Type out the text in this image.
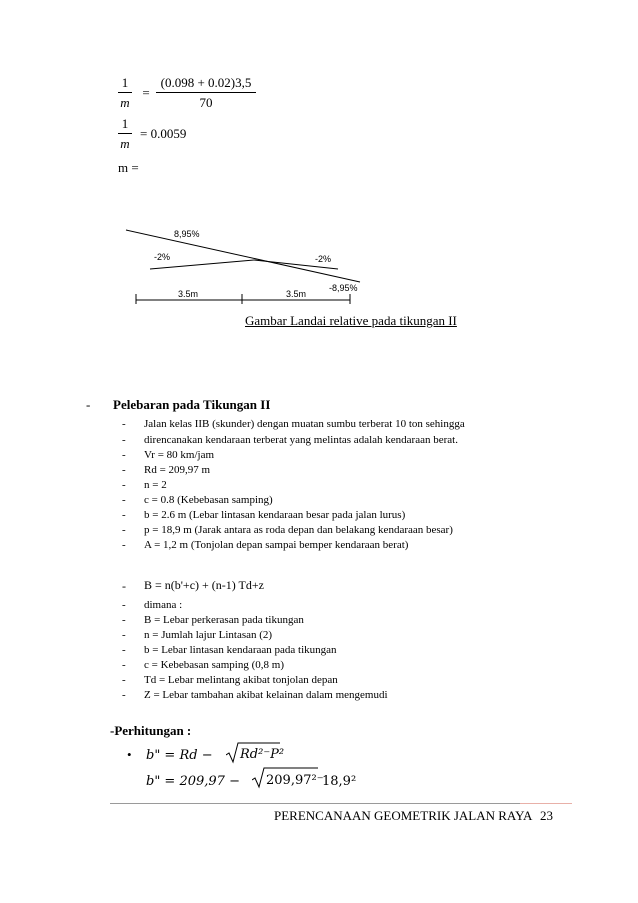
1
m
=
(0.098 + 0.02)3,5
70
1
m
= 0.0059
m =
8,95%
-2%	-2%
-8,95%
3.5m	3.5m
Gambar Landai relative pada tikungan II
- Pelebaran pada Tikungan II
- Jalan kelas IIB (skunder) dengan muatan sumbu terberat 10 ton sehingga
- direncanakan kendaraan terberat yang melintas adalah kendaraan berat.
- Vr = 80 km/jam
- Rd = 209,97 m
- n = 2
- c = 0.8 (Kebebasan samping)
- b = 2.6 m (Lebar lintasan kendaraan besar pada jalan lurus)
- p = 18,9 m (Jarak antara as roda depan dan belakang kendaraan besar)
- A = 1,2 m (Tonjolan depan sampai bemper kendaraan berat)
- B = n(b'+c) + (n-1) Td+z
- dimana :
- B = Lebar perkerasan pada tikungan
- n = Jumlah lajur Lintasan (2)
- b = Lebar lintasan kendaraan pada tikungan
- c = Kebebasan samping (0,8 m)
- Td = Lebar melintang akibat tonjolan depan
- Z = Lebar tambahan akibat kelainan dalam mengemudi
-Perhitungan :
• b" = Rd − Rd²⁻P²
b" = 209,97 − 209,97²⁻
18,9²
PERENCANAAN GEOMETRIK JALAN RAYA 23
